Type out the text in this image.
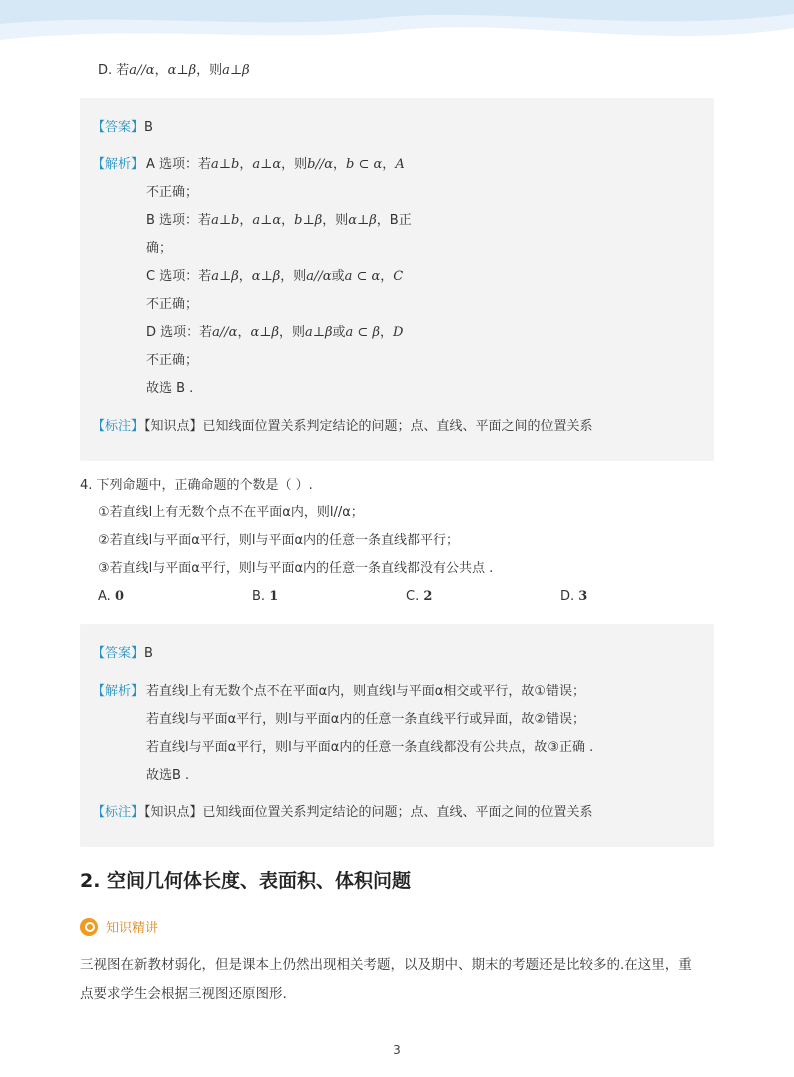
D. 若a//α，α⊥β，则a⊥β
【答案】B
【解析】 A 选项：若a⊥b，a⊥α，则b//α，b ⊂ α，A
不正确；
B 选项：若a⊥b，a⊥α，b⊥β，则α⊥β，B正
确；
C 选项：若a⊥β，α⊥β，则a//α或a ⊂ α，C
不正确；
D 选项：若a//α，α⊥β，则a⊥β或a ⊂ β，D
不正确；
故选 B .
【标注】【知识点】已知线面位置关系判定结论的问题；点、直线、平面之间的位置关系
4. 下列命题中，正确命题的个数是（ ）.
①若直线l上有无数个点不在平面α内，则l//α；
②若直线l与平面α平行，则l与平面α内的任意一条直线都平行；
③若直线l与平面α平行，则l与平面α内的任意一条直线都没有公共点 .
A. 0	B. 1	C. 2	D. 3
【答案】B
【解析】 若直线l上有无数个点不在平面α内，则直线l与平面α相交或平行，故①错误；
若直线l与平面α平行，则l与平面α内的任意一条直线平行或异面，故②错误；
若直线l与平面α平行，则l与平面α内的任意一条直线都没有公共点，故③正确 .
故选B .
【标注】【知识点】已知线面位置关系判定结论的问题；点、直线、平面之间的位置关系
2. 空间几何体长度、表面积、体积问题
知识精讲
三视图在新教材弱化，但是课本上仍然出现相关考题，以及期中、期末的考题还是比较多的.在这里，重
点要求学生会根据三视图还原图形.
3
